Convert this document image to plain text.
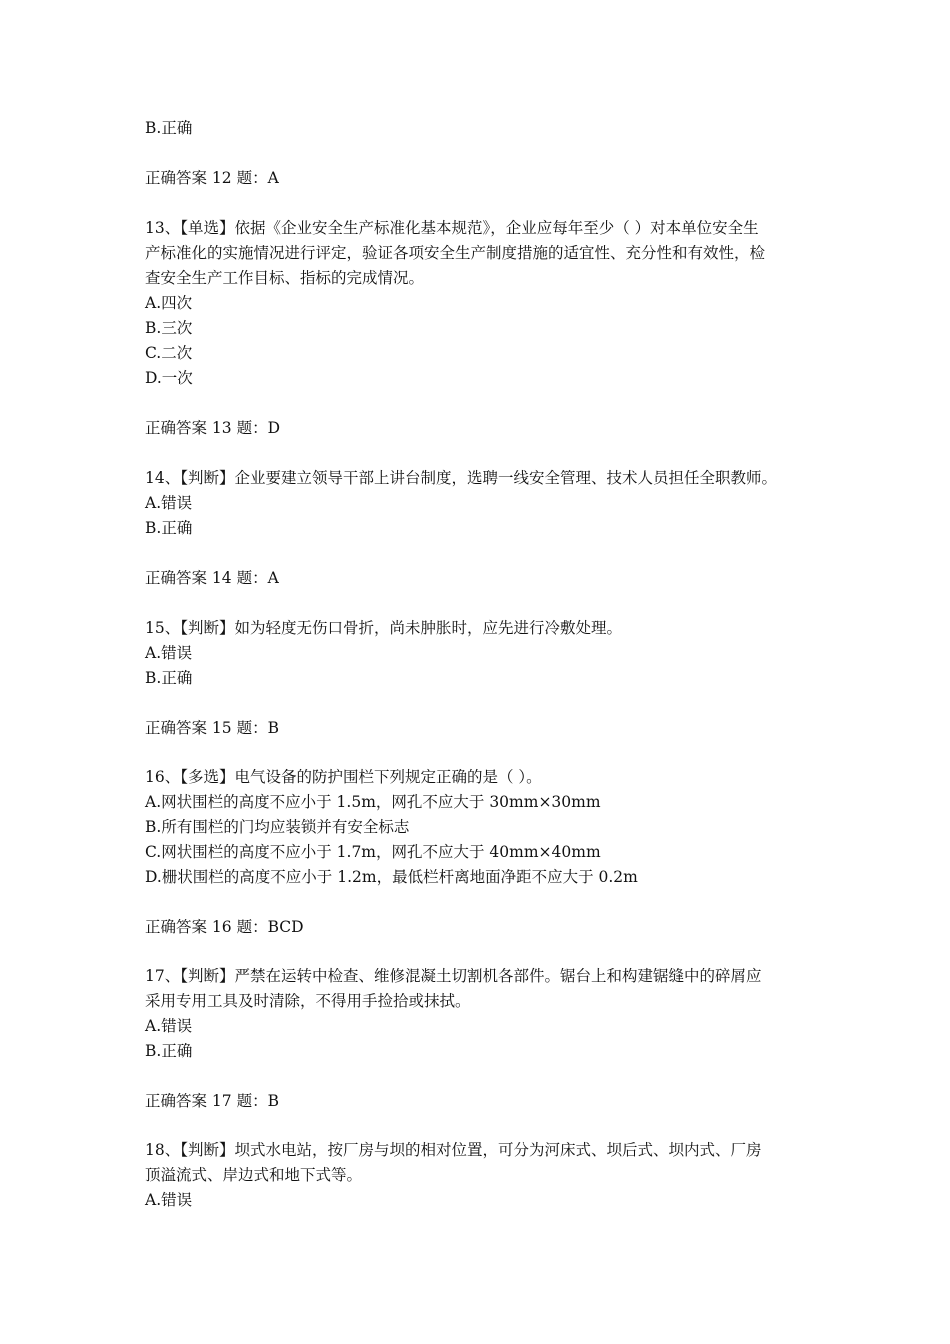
B.正确
正确答案 12 题：A
13、【单选】依据《企业安全生产标准化基本规范》，企业应每年至少（ ）对本单位安全生
产标准化的实施情况进行评定，验证各项安全生产制度措施的适宜性、充分性和有效性，检
查安全生产工作目标、指标的完成情况。
A.四次
B.三次
C.二次
D.一次
正确答案 13 题：D
14、【判断】企业要建立领导干部上讲台制度，选聘一线安全管理、技术人员担任全职教师。
A.错误
B.正确
正确答案 14 题：A
15、【判断】如为轻度无伤口骨折，尚未肿胀时，应先进行冷敷处理。
A.错误
B.正确
正确答案 15 题：B
16、【多选】电气设备的防护围栏下列规定正确的是（ ）。
A.网状围栏的高度不应小于 1.5m，网孔不应大于 30mm×30mm
B.所有围栏的门均应装锁并有安全标志
C.网状围栏的高度不应小于 1.7m，网孔不应大于 40mm×40mm
D.栅状围栏的高度不应小于 1.2m，最低栏杆离地面净距不应大于 0.2m
正确答案 16 题：BCD
17、【判断】严禁在运转中检查、维修混凝土切割机各部件。锯台上和构建锯缝中的碎屑应
采用专用工具及时清除，不得用手捡拾或抹拭。
A.错误
B.正确
正确答案 17 题：B
18、【判断】坝式水电站，按厂房与坝的相对位置，可分为河床式、坝后式、坝内式、厂房
顶溢流式、岸边式和地下式等。
A.错误
